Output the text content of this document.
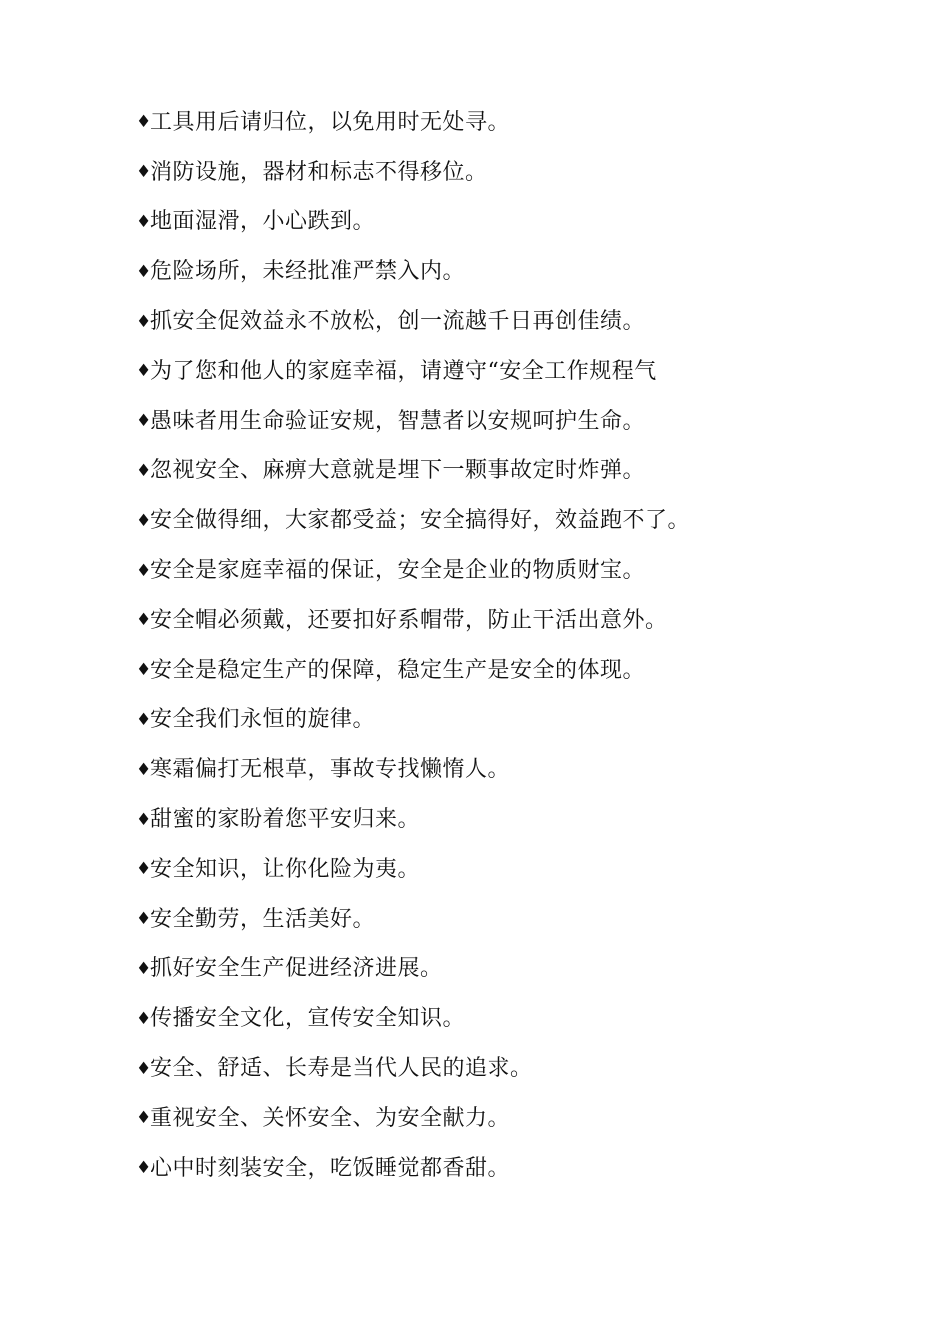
♦
工具用后请归位，以免用时无处寻。
♦
消防设施，器材和标志不得移位。
♦
地面湿滑，小心跌到。
♦
危险场所，未经批准严禁入内。
♦
抓安全促效益永不放松，创一流越千日再创佳绩。
♦
为了您和他人的家庭幸福，请遵守“安全工作规程气
♦
愚味者用生命验证安规，智慧者以安规呵护生命。
♦
忽视安全、麻痹大意就是埋下一颗事故定时炸弹。
♦
安全做得细，大家都受益；安全搞得好，效益跑不了。
♦
安全是家庭幸福的保证，安全是企业的物质财宝。
♦
安全帽必须戴，还要扣好系帽带，防止干活出意外。
♦
安全是稳定生产的保障，稳定生产是安全的体现。
♦
安全我们永恒的旋律。
♦
寒霜偏打无根草，事故专找懒惰人。
♦
甜蜜的家盼着您平安归来。
♦
安全知识，让你化险为夷。
♦
安全勤劳，生活美好。
♦
抓好安全生产促进经济进展。
♦
传播安全文化，宣传安全知识。
♦
安全、舒适、长寿是当代人民的追求。
♦
重视安全、关怀安全、为安全献力。
♦
心中时刻装安全，吃饭睡觉都香甜。
